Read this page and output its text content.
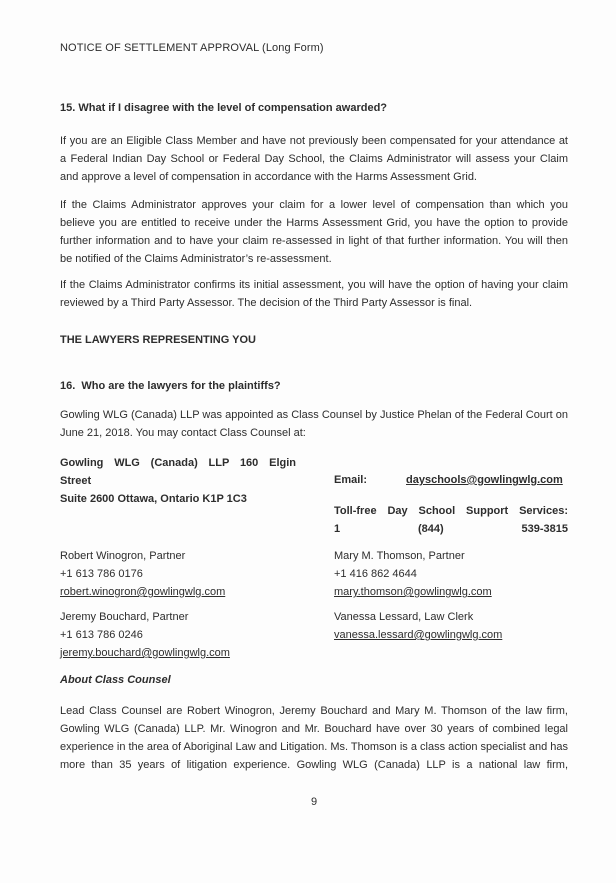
NOTICE OF SETTLEMENT APPROVAL (Long Form)
15. What if I disagree with the level of compensation awarded?

If you are an Eligible Class Member and have not previously been compensated for your attendance at a Federal Indian Day School or Federal Day School, the Claims Administrator will assess your Claim and approve a level of compensation in accordance with the Harms Assessment Grid.

If the Claims Administrator approves your claim for a lower level of compensation than which you believe you are entitled to receive under the Harms Assessment Grid, you have the option to provide further information and to have your claim re-assessed in light of that further information. You will then be notified of the Claims Administrator’s re-assessment.

If the Claims Administrator confirms its initial assessment, you will have the option of having your claim reviewed by a Third Party Assessor. The decision of the Third Party Assessor is final.

THE LAWYERS REPRESENTING YOU
16.  Who are the lawyers for the plaintiffs?

Gowling WLG (Canada) LLP was appointed as Class Counsel by Justice Phelan of the Federal Court on June 21, 2018. You may contact Class Counsel at:

Gowling WLG (Canada) LLP 160 Elgin
Street
Suite 2600 Ottawa, Ontario K1P 1C3
Email:	dayschools@gowlingwlg.com
Toll-free Day School Support Services:
1	(844)	539-3815
Robert Winogron, Partner
+1 613 786 0176
robert.winogron@gowlingwlg.com
Mary M. Thomson, Partner
+1 416 862 4644
mary.thomson@gowlingwlg.com
Jeremy Bouchard, Partner
+1 613 786 0246
jeremy.bouchard@gowlingwlg.com
Vanessa Lessard, Law Clerk
vanessa.lessard@gowlingwlg.com
About Class Counsel

Lead Class Counsel are Robert Winogron, Jeremy Bouchard and Mary M. Thomson of the law firm, Gowling WLG (Canada) LLP. Mr. Winogron and Mr. Bouchard have over 30 years of combined legal experience in the area of Aboriginal Law and Litigation. Ms. Thomson is a class action specialist and has more than 35 years of litigation experience. Gowling WLG (Canada) LLP is a national law firm,

9
